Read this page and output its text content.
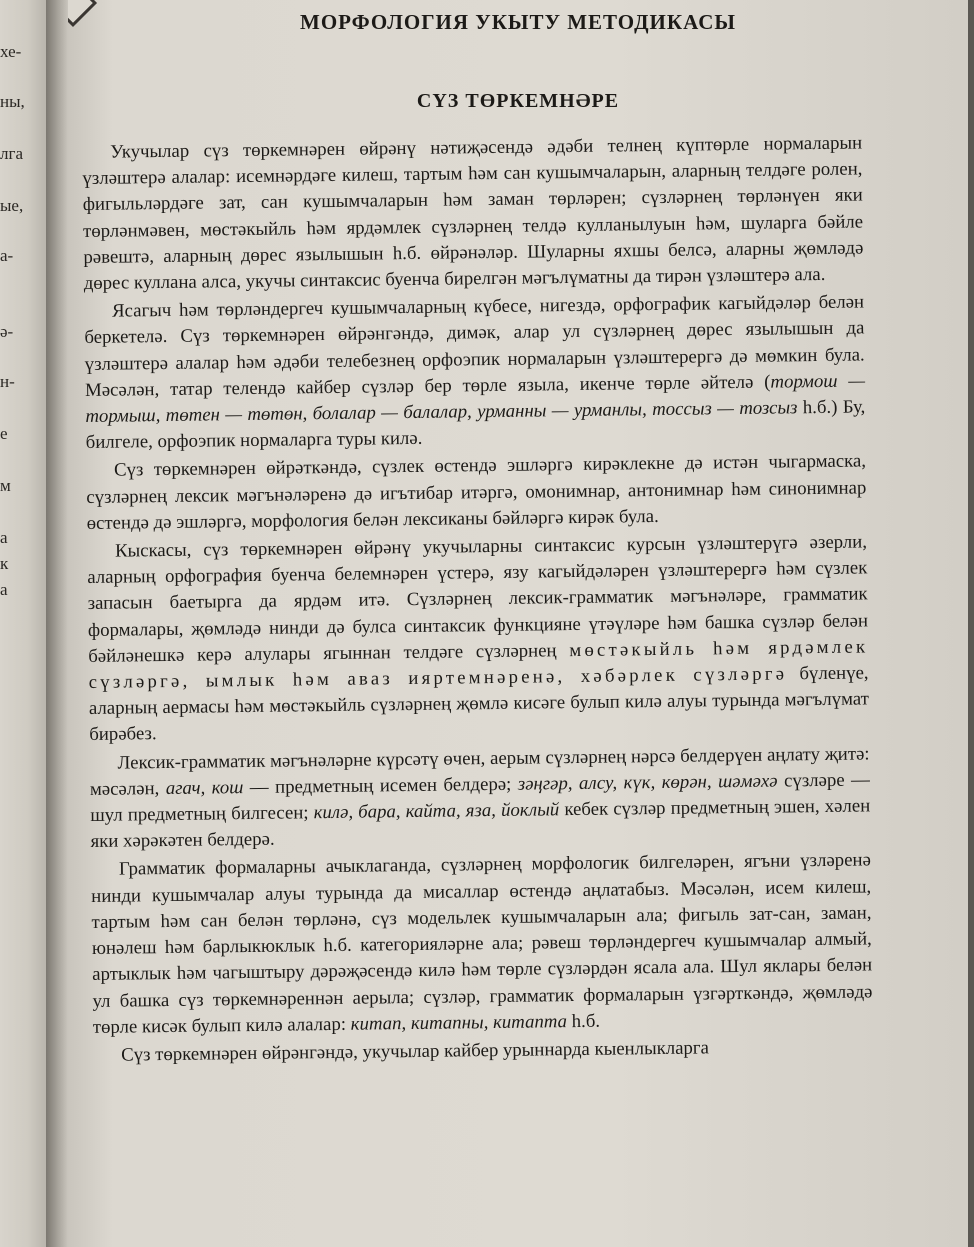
хе-
ны,
лга
ые,
а-
ә-
н-
е
м
а
к
а
МОРФОЛОГИЯ УКЫТУ МЕТОДИКАСЫ
СҮЗ ТӨРКЕМНӘРЕ

Укучылар сүз төркемнәрен өйрәнү нәтиҗәсендә әдәби телнең күптөрле нормаларын үзләштерә алалар: исемнәрдәге килеш, тартым һәм сан кушымчаларын, аларның телдәге ролен, фигыльләрдәге зат, сан кушымчаларын һәм заман төрләрен; сүзләрнең төрләнүен яки төрләнмәвен, мөстәкыйль һәм ярдәмлек сүзләрнең телдә кулланылуын һәм, шуларга бәйле рәвештә, аларның дөрес язылышын һ.б. өйрәнәләр. Шуларны яхшы белсә, аларны җөмләдә дөрес куллана алса, укучы синтаксис буенча бирелгән мәгълүматны да тирән үзләштерә ала.

Ясагыч һәм төрләндергеч кушымчаларның күбесе, нигездә, орфографик кагыйдәләр белән беркетелә. Сүз төркемнәрен өйрәнгәндә, димәк, алар ул сүзләрнең дөрес язылышын да үзләштерә алалар һәм әдәби телебезнең орфоэпик нормаларын үзләштерергә дә мөмкин була. Мәсәлән, татар телендә кайбер сүзләр бер төрле языла, икенче төрле әйтелә (тормош — тормыш, төтен — төтөн, болалар — балалар, урманны — урманлы, тоссыз — тозсыз һ.б.) Бу, билгеле, орфоэпик нормаларга туры килә.

Сүз төркемнәрен өйрәткәндә, сүзлек өстендә эшләргә кирәклекне дә истән чыгармаска, сүзләрнең лексик мәгънәләренә дә игътибар итәргә, омонимнар, антонимнар һәм синонимнар өстендә дә эшләргә, морфология белән лексиканы бәйләргә кирәк була.

Кыскасы, сүз төркемнәрен өйрәнү укучыларны синтаксис курсын үзләштерүгә әзерли, аларның орфография буенча белемнәрен үстерә, язу кагыйдәләрен үзләштерергә һәм сүзлек запасын баетырга да ярдәм итә. Сүзләрнең лексик-грамматик мәгънәләре, грамматик формалары, җөмләдә нинди дә булса синтаксик функцияне үтәүләре һәм башка сүзләр белән бәйләнешкә керә алулары ягыннан телдәге сүзләрнең мөстәкыйль һәм ярдәмлек сүзләргә, ымлык һәм аваз ияртемнәренә, хәбәрлек сүзләргә бүленүе, аларның аермасы һәм мөстәкыйль сүзләрнең җөмлә кисәге булып килә алуы турында мәгълүмат бирәбез.

Лексик-грамматик мәгънәләрне күрсәтү өчен, аерым сүзләрнең нәрсә белдерүен аңлату җитә: мәсәлән, агач, кош — предметның исемен белдерә; зәңгәр, алсу, күк, көрән, шәмәхә сүзләре — шул предметның билгесен; килә, бара, кайта, яза, йоклый кебек сүзләр предметның эшен, хәлен яки хәрәкәтен белдерә.

Грамматик формаларны ачыклаганда, сүзләрнең морфологик билгеләрен, ягъни үзләренә нинди кушымчалар алуы турында да мисаллар өстендә аңлатабыз. Мәсәлән, исем килеш, тартым һәм сан белән төрләнә, сүз модельлек кушымчаларын ала; фигыль зат-сан, заман, юнәлеш һәм барлыкюклык һ.б. категорияләрне ала; рәвеш төрләндергеч кушымчалар алмый, артыклык һәм чагыштыру дәрәҗәсендә килә һәм төрле сүзләрдән ясала ала. Шул яклары белән ул башка сүз төркемнәреннән аерыла; сүзләр, грамматик формаларын үзгәрткәндә, җөмләдә төрле кисәк булып килә алалар: китап, китапны, китапта һ.б.

Сүз төркемнәрен өйрәнгәндә, укучылар кайбер урыннарда кыенлыкларга
